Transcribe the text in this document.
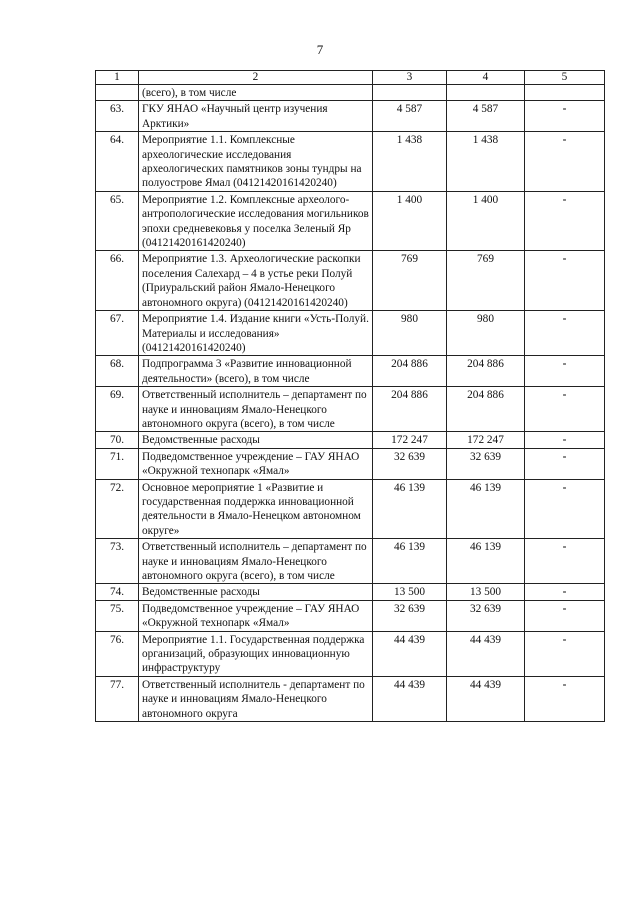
7
1	2	3	4	5
	(всего), в том числе			
63.	ГКУ ЯНАО «Научный центр изучения Арктики»	4 587	4 587	-
64.	Мероприятие 1.1. Комплексные археологические исследования археологических памятников зоны тундры на полуострове Ямал (04121420161420240)	1 438	1 438	-
65.	Мероприятие 1.2. Комплексные археолого-антропологические исследования могильников эпохи средневековья у поселка Зеленый Яр (04121420161420240)	1 400	1 400	-
66.	Мероприятие 1.3. Археологические раскопки поселения Салехард – 4 в устье реки Полуй (Приуральский район Ямало-Ненецкого автономного округа) (04121420161420240)	769	769	-
67.	Мероприятие 1.4. Издание книги «Усть-Полуй. Материалы и исследования» (04121420161420240)	980	980	-
68.	Подпрограмма 3 «Развитие инновационной деятельности» (всего), в том числе	204 886	204 886	-
69.	Ответственный исполнитель – департамент по науке и инновациям Ямало-Ненецкого автономного округа (всего), в том числе	204 886	204 886	-
70.	Ведомственные расходы	172 247	172 247	-
71.	Подведомственное учреждение – ГАУ ЯНАО «Окружной технопарк «Ямал»	32 639	32 639	-
72.	Основное мероприятие 1 «Развитие и государственная поддержка инновационной деятельности в Ямало-Ненецком автономном округе»	46 139	46 139	-
73.	Ответственный исполнитель – департамент по науке и инновациям Ямало-Ненецкого автономного округа (всего), в том числе	46 139	46 139	-
74.	Ведомственные расходы	13 500	13 500	-
75.	Подведомственное учреждение – ГАУ ЯНАО «Окружной технопарк «Ямал»	32 639	32 639	-
76.	Мероприятие 1.1. Государственная поддержка организаций, образующих инновационную инфраструктуру	44 439	44 439	-
77.	Ответственный исполнитель - департамент по науке и инновациям Ямало-Ненецкого автономного округа	44 439	44 439	-
